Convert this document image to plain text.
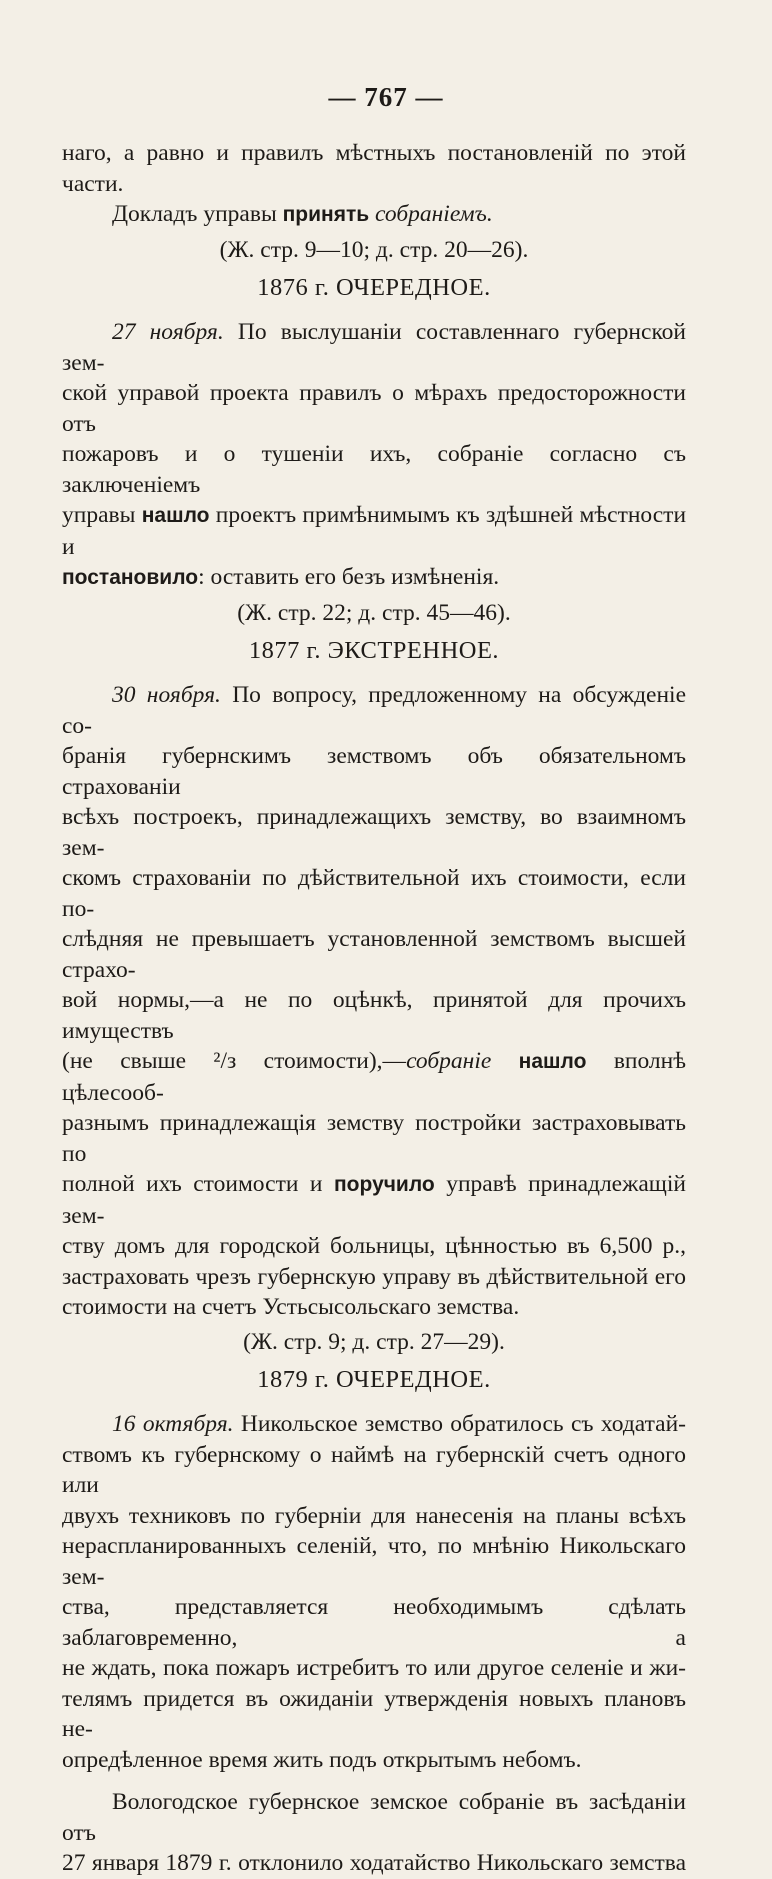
— 767 —

наго, а равно и правилъ мѣстныхъ постановленій по этой части.

Докладъ управы принять собраніемъ.

(Ж. стр. 9—10; д. стр. 20—26).
1876 г. ОЧЕРЕДНОЕ.

27 ноября. По выслушаніи составленнаго губернской зем-

ской управой проекта правилъ о мѣрахъ предосторожности отъ

пожаровъ и о тушеніи ихъ, собраніе согласно съ заключеніемъ

управы нашло проектъ примѣнимымъ къ здѣшней мѣстности и

постановило: оставить его безъ измѣненія.

(Ж. стр. 22; д. стр. 45—46).
1877 г. ЭКСТРЕННОЕ.

30 ноября. По вопросу, предложенному на обсужденіе со-

бранія губернскимъ земствомъ объ обязательномъ страхованіи

всѣхъ построекъ, принадлежащихъ земству, во взаимномъ зем-

скомъ страхованіи по дѣйствительной ихъ стоимости, если по-

слѣдняя не превышаетъ установленной земствомъ высшей страхо-

вой нормы,—а не по оцѣнкѣ, принятой для прочихъ имуществъ

(не свыше ²/з стоимости),—собраніе нашло вполнѣ цѣлесооб-

разнымъ принадлежащія земству постройки застраховывать по

полной ихъ стоимости и поручило управѣ принадлежащій зем-

ству домъ для городской больницы, цѣнностью въ 6,500 р.,

застраховать чрезъ губернскую управу въ дѣйствительной его

стоимости на счетъ Устьсысольскаго земства.

(Ж. стр. 9; д. стр. 27—29).
1879 г. ОЧЕРЕДНОЕ.

16 октября. Никольское земство обратилось съ ходатай-

ствомъ къ губернскому о наймѣ на губернскій счетъ одного или

двухъ техниковъ по губерніи для нанесенія на планы всѣхъ

нераспланированныхъ селеній, что, по мнѣнію Никольскаго зем-

ства, представляется необходимымъ сдѣлать заблаговременно, а

не ждать, пока пожаръ истребитъ то или другое селеніе и жи-

телямъ придется въ ожиданіи утвержденія новыхъ плановъ не-

опредѣленное время жить подъ открытымъ небомъ.

Вологодское губернское земское собраніе въ засѣданіи отъ

27 января 1879 г. отклонило ходатайство Никольскаго земства
